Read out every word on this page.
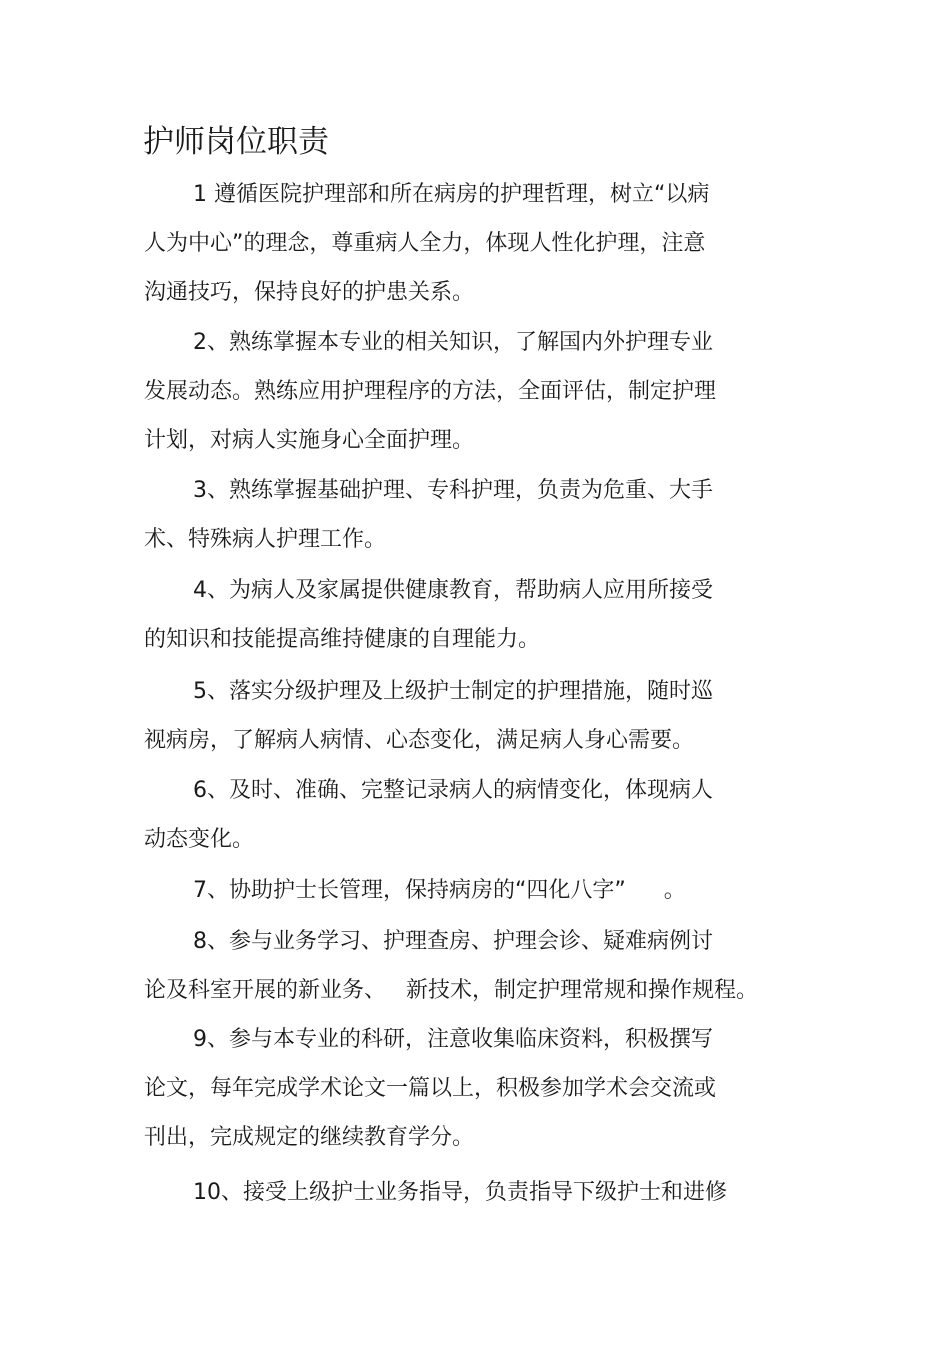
护师岗位职责
1 遵循医院护理部和所在病房的护理哲理，树立“以病
人为中心”的理念，尊重病人全力，体现人性化护理，注意
沟通技巧，保持良好的护患关系。
2、熟练掌握本专业的相关知识，了解国内外护理专业
发展动态。熟练应用护理程序的方法，全面评估，制定护理
计划，对病人实施身心全面护理。
3、熟练掌握基础护理、专科护理，负责为危重、大手
术、特殊病人护理工作。
4、为病人及家属提供健康教育，帮助病人应用所接受
的知识和技能提高维持健康的自理能力。
5、落实分级护理及上级护士制定的护理措施，随时巡
视病房，了解病人病情、心态变化，满足病人身心需要。
6、及时、准确、完整记录病人的病情变化，体现病人
动态变化。
7、协助护士长管理，保持病房的“四化八字” 。
8、参与业务学习、护理查房、护理会诊、疑难病例讨
论及科室开展的新业务、 新技术，制定护理常规和操作规程。
9、参与本专业的科研，注意收集临床资料，积极撰写
论文，每年完成学术论文一篇以上，积极参加学术会交流或
刊出，完成规定的继续教育学分。
10、接受上级护士业务指导，负责指导下级护士和进修
